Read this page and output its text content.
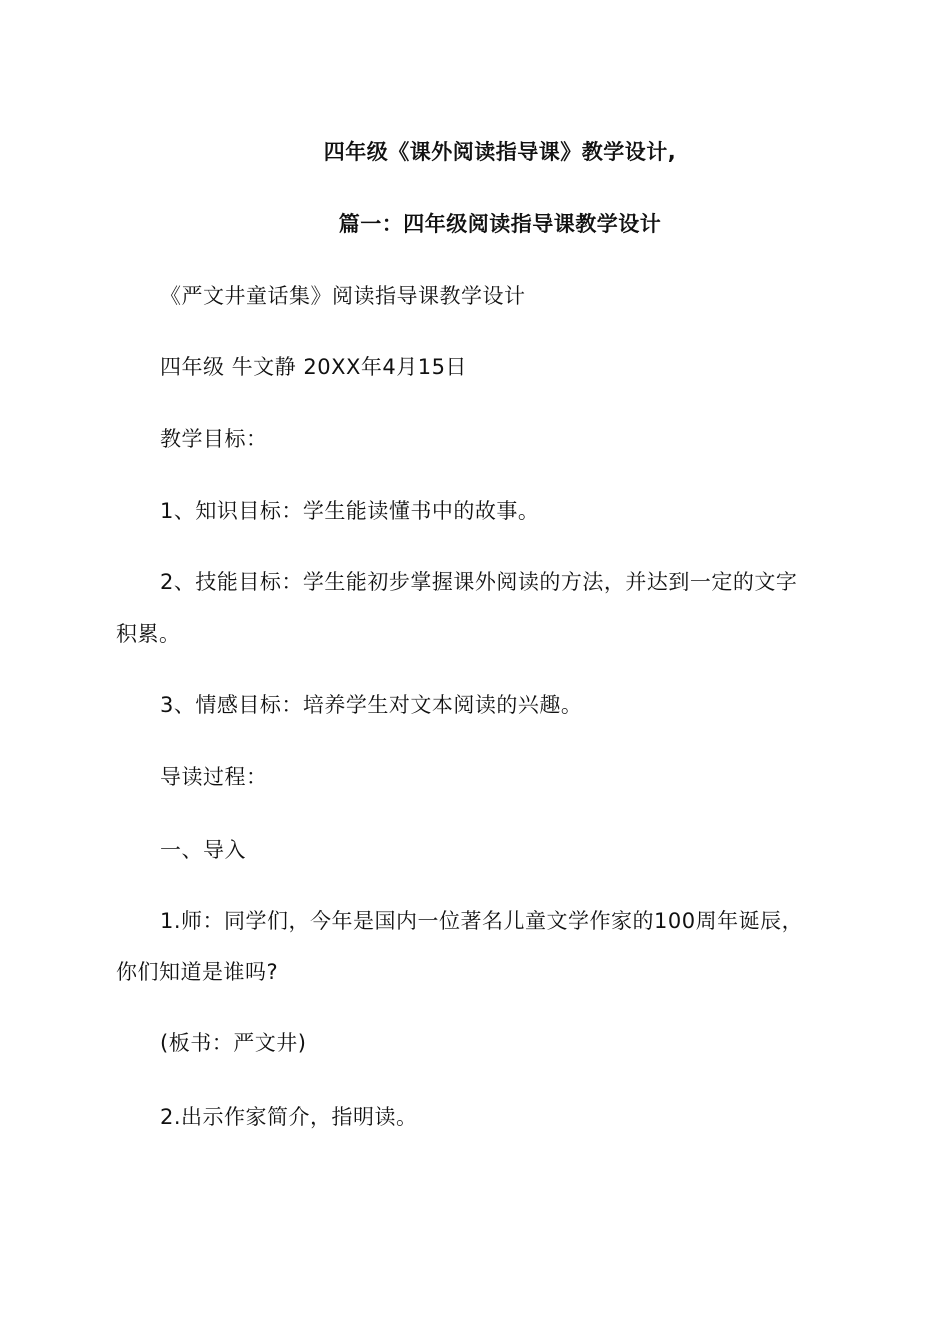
四年级《课外阅读指导课》教学设计,
篇一：四年级阅读指导课教学设计
《严文井童话集》阅读指导课教学设计
四年级 牛文静 20XX年4月15日
教学目标：
1、知识目标：学生能读懂书中的故事。
2、技能目标：学生能初步掌握课外阅读的方法，并达到一定的文字
积累。
3、情感目标：培养学生对文本阅读的兴趣。
导读过程：
一、导入
1.师：同学们，今年是国内一位著名儿童文学作家的100周年诞辰，
你们知道是谁吗?
(板书：严文井)
2.出示作家简介，指明读。
